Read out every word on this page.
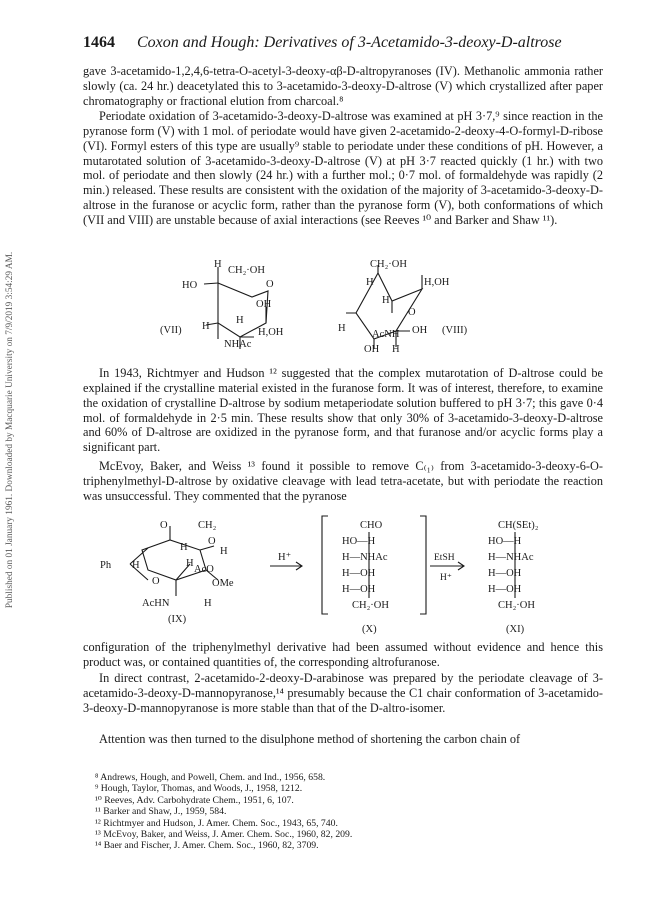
Published on 01 January 1961. Downloaded by Macquarie University on 7/9/2019 3:54:29 AM.
1464 Coxon and Hough: Derivatives of 3-Acetamido-3-deoxy-D-altrose

gave 3-acetamido-1,2,4,6-tetra-O-acetyl-3-deoxy-αβ-D-altropyranoses (IV). Methanolic ammonia rather slowly (ca. 24 hr.) deacetylated this to 3-acetamido-3-deoxy-D-altrose (V) which crystallized after paper chromatography or fractional elution from charcoal.⁸

Periodate oxidation of 3-acetamido-3-deoxy-D-altrose was examined at pH 3·7,⁹ since reaction in the pyranose form (V) with 1 mol. of periodate would have given 2-acetamido-2-deoxy-4-O-formyl-D-ribose (VI). Formyl esters of this type are usually⁹ stable to periodate under these conditions of pH. However, a mutarotated solution of 3-acetamido-3-deoxy-D-altrose (V) at pH 3·7 reacted quickly (1 hr.) with two mol. of periodate and then slowly (24 hr.) with a further mol.; 0·7 mol. of formaldehyde was rapidly (2 min.) released. These results are consistent with the oxidation of the majority of 3-acetamido-3-deoxy-D-altrose in the furanose or acyclic form, rather than the pyranose form (V), both conformations of which (VII and VIII) are unstable because of axial interactions (see Reeves ¹⁰ and Barker and Shaw ¹¹).

H
CH₂·OH
HO	O
OH
H
H
H,OH
NHAc
(VII)
CH₂·OH
H	H,OH
H
O
H	OH
AcNH
OH H
(VIII)

In 1943, Richtmyer and Hudson ¹² suggested that the complex mutarotation of D-altrose could be explained if the crystalline material existed in the furanose form. It was of interest, therefore, to examine the oxidation of crystalline D-altrose by sodium metaperiodate solution buffered to pH 3·7; this gave 0·4 mol. of formaldehyde in 2·5 min. These results show that only 30% of 3-acetamido-3-deoxy-D-altrose and 60% of D-altrose are oxidized in the pyranose form, and that furanose and/or acyclic forms play a significant part.

McEvoy, Baker, and Weiss ¹³ found it possible to remove C₍₁₎ from 3-acetamido-3-deoxy-6-O-triphenylmethyl-D-altrose by oxidative cleavage with lead tetra-acetate, but with periodate the reaction was unsuccessful. They commented that the pyranose

O	CH₂
Ph H
H
O
H
H
AcO
O	OMe
AcHN	H
(IX)
H⁺
CHO
HO—H
H—NHAc
H—OH
H—OH
CH₂·OH
(X)
EtSH
H⁺
CH(SEt)₂
HO—H
H—NHAc
H—OH
H—OH
CH₂·OH
(XI)

configuration of the triphenylmethyl derivative had been assumed without evidence and hence this product was, or contained quantities of, the corresponding altrofuranose.

In direct contrast, 2-acetamido-2-deoxy-D-arabinose was prepared by the periodate cleavage of 3-acetamido-3-deoxy-D-mannopyranose,¹⁴ presumably because the C1 chair conformation of 3-acetamido-3-deoxy-D-mannopyranose is more stable than that of the D-altro-isomer.

Attention was then turned to the disulphone method of shortening the carbon chain of

⁸ Andrews, Hough, and Powell, Chem. and Ind., 1956, 658.
⁹ Hough, Taylor, Thomas, and Woods, J., 1958, 1212.
¹⁰ Reeves, Adv. Carbohydrate Chem., 1951, 6, 107.
¹¹ Barker and Shaw, J., 1959, 584.
¹² Richtmyer and Hudson, J. Amer. Chem. Soc., 1943, 65, 740.
¹³ McEvoy, Baker, and Weiss, J. Amer. Chem. Soc., 1960, 82, 209.
¹⁴ Baer and Fischer, J. Amer. Chem. Soc., 1960, 82, 3709.
